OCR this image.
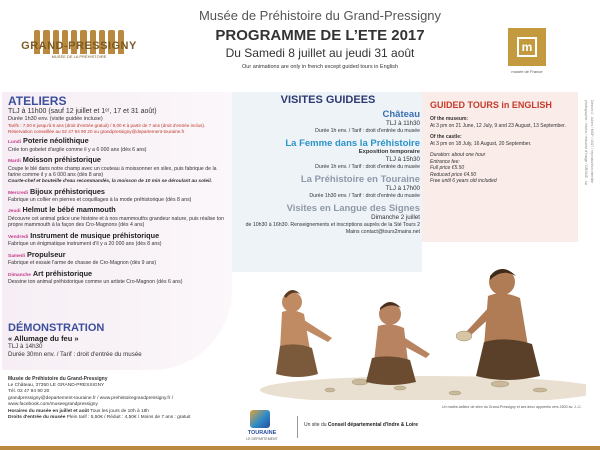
GRAND-PRESSIGNY
MUSÉE DE LA PRÉHISTOIRE
Musée de Préhistoire du Grand-Pressigny
PROGRAMME DE L’ETE 2017
Du Samedi 8 juillet au jeudi 31 août
Our animations are only in french except guided tours in English
m
musée de France
photographie : fotolia / retouche d'image / DRONE : lux Dessin © Julien / MGP / 2017 / reproduction interdite
ATELIERS
TLJ à 11h00 (sauf 12 juillet et 1ᵉʳ, 17 et 31 août)
Durée 1h30 env. (visite guidée incluse)
Tarifs : 7,00 € jusqu'à 6 ans (droit d'entrée gratuit) / 9,00 € à partir de 7 ans (droit d'entrée inclus).
Réservation conseillée au 02 47 94 90 20 ou grandpressigny@departement-touraine.fr
Lundi Poterie néolithique
Crée ton gobelet d'argile comme il y a 6 000 ans (dès 6 ans)
Mardi Moisson préhistorique
Coupe le blé dans notre champ avec un couteau à moissonner en silex, puis fabrique de la farine comme il y a 6 000 ans (dès 8 ans)
Courte-chef et bouteille d'eau recommandés, la moisson de 10 min se déroulant au soleil.
Mercredi Bijoux préhistoriques
Fabrique un collier en pierres et coquillages à la mode préhistorique (dès 8 ans)
Jeudi Helmut le bébé mammouth
Découvre cet animal grâce une histoire et à nos mammouths grandeur nature, puis réalise ton propre mammouth à la façon des Cro-Magnons (dès 4 ans)
Vendredi Instrument de musique préhistorique
Fabrique un énigmatique instrument d'il y a 20 000 ans (dès 8 ans)
Samedi Propulseur
Fabrique et essaie l'arme de chasse de Cro-Magnon (dès 9 ans)
Dimanche Art préhistorique
Dessine ton animal préhistorique comme un artiste Cro-Magnon (dès 6 ans)
DÉMONSTRATION
« Allumage du feu »
TLJ à 14h30
Durée 30mn env. / Tarif : droit d'entrée du musée
Musée de Préhistoire du Grand-Pressigny
Le Château, 37350 LE GRAND-PRESSIGNY
Tél. 02 47 94 90 20
grandpressigny@departement-touraine.fr / www.prehistoiregrandpressigny.fr / www.facebook.com/museegrandpressigny
Horaires du musée en juillet et août Tous les jours de 10h à 18h
Droits d'entrée du musée Plein tarif : 5,50€ / Réduit : 4,50€ / Moins de 7 ans : gratuit
VISITES GUIDEES
Château
TLJ à 11h30
Durée 1h env. / Tarif : droit d'entrée du musée
La Femme dans la Préhistoire
Exposition temporaire
TLJ à 15h30
Durée 1h env. / Tarif : droit d'entrée du musée
La Préhistoire en Touraine
TLJ à 17h00
Durée 1h30 env. / Tarif : droit d'entrée du musée
Visites en Langue des Signes
Dimanche 2 juillet
de 10h30 à 16h30. Renseignements et inscriptions auprès de la Sté Tours 2 Mains contact@tours2mains.net
GUIDED TOURS in ENGLISH
Of the museum:
At 3 pm on 21 June, 12 July, 9 and 23 August, 13 September.
Of the castle:
At 3 pm on 18 July, 16 August, 20 September.
Duration: about one hour
Entrance fee:
Full price €5.50
Reduced price €4.50
Free until 6 years old included
Un maître-tailleur de silex du Grand-Pressigny et ses deux apprentis vers 2500 av. J.-C.
TOURAINE
LE DÉPARTEMENT
Un site du Conseil départemental d'Indre & Loire
